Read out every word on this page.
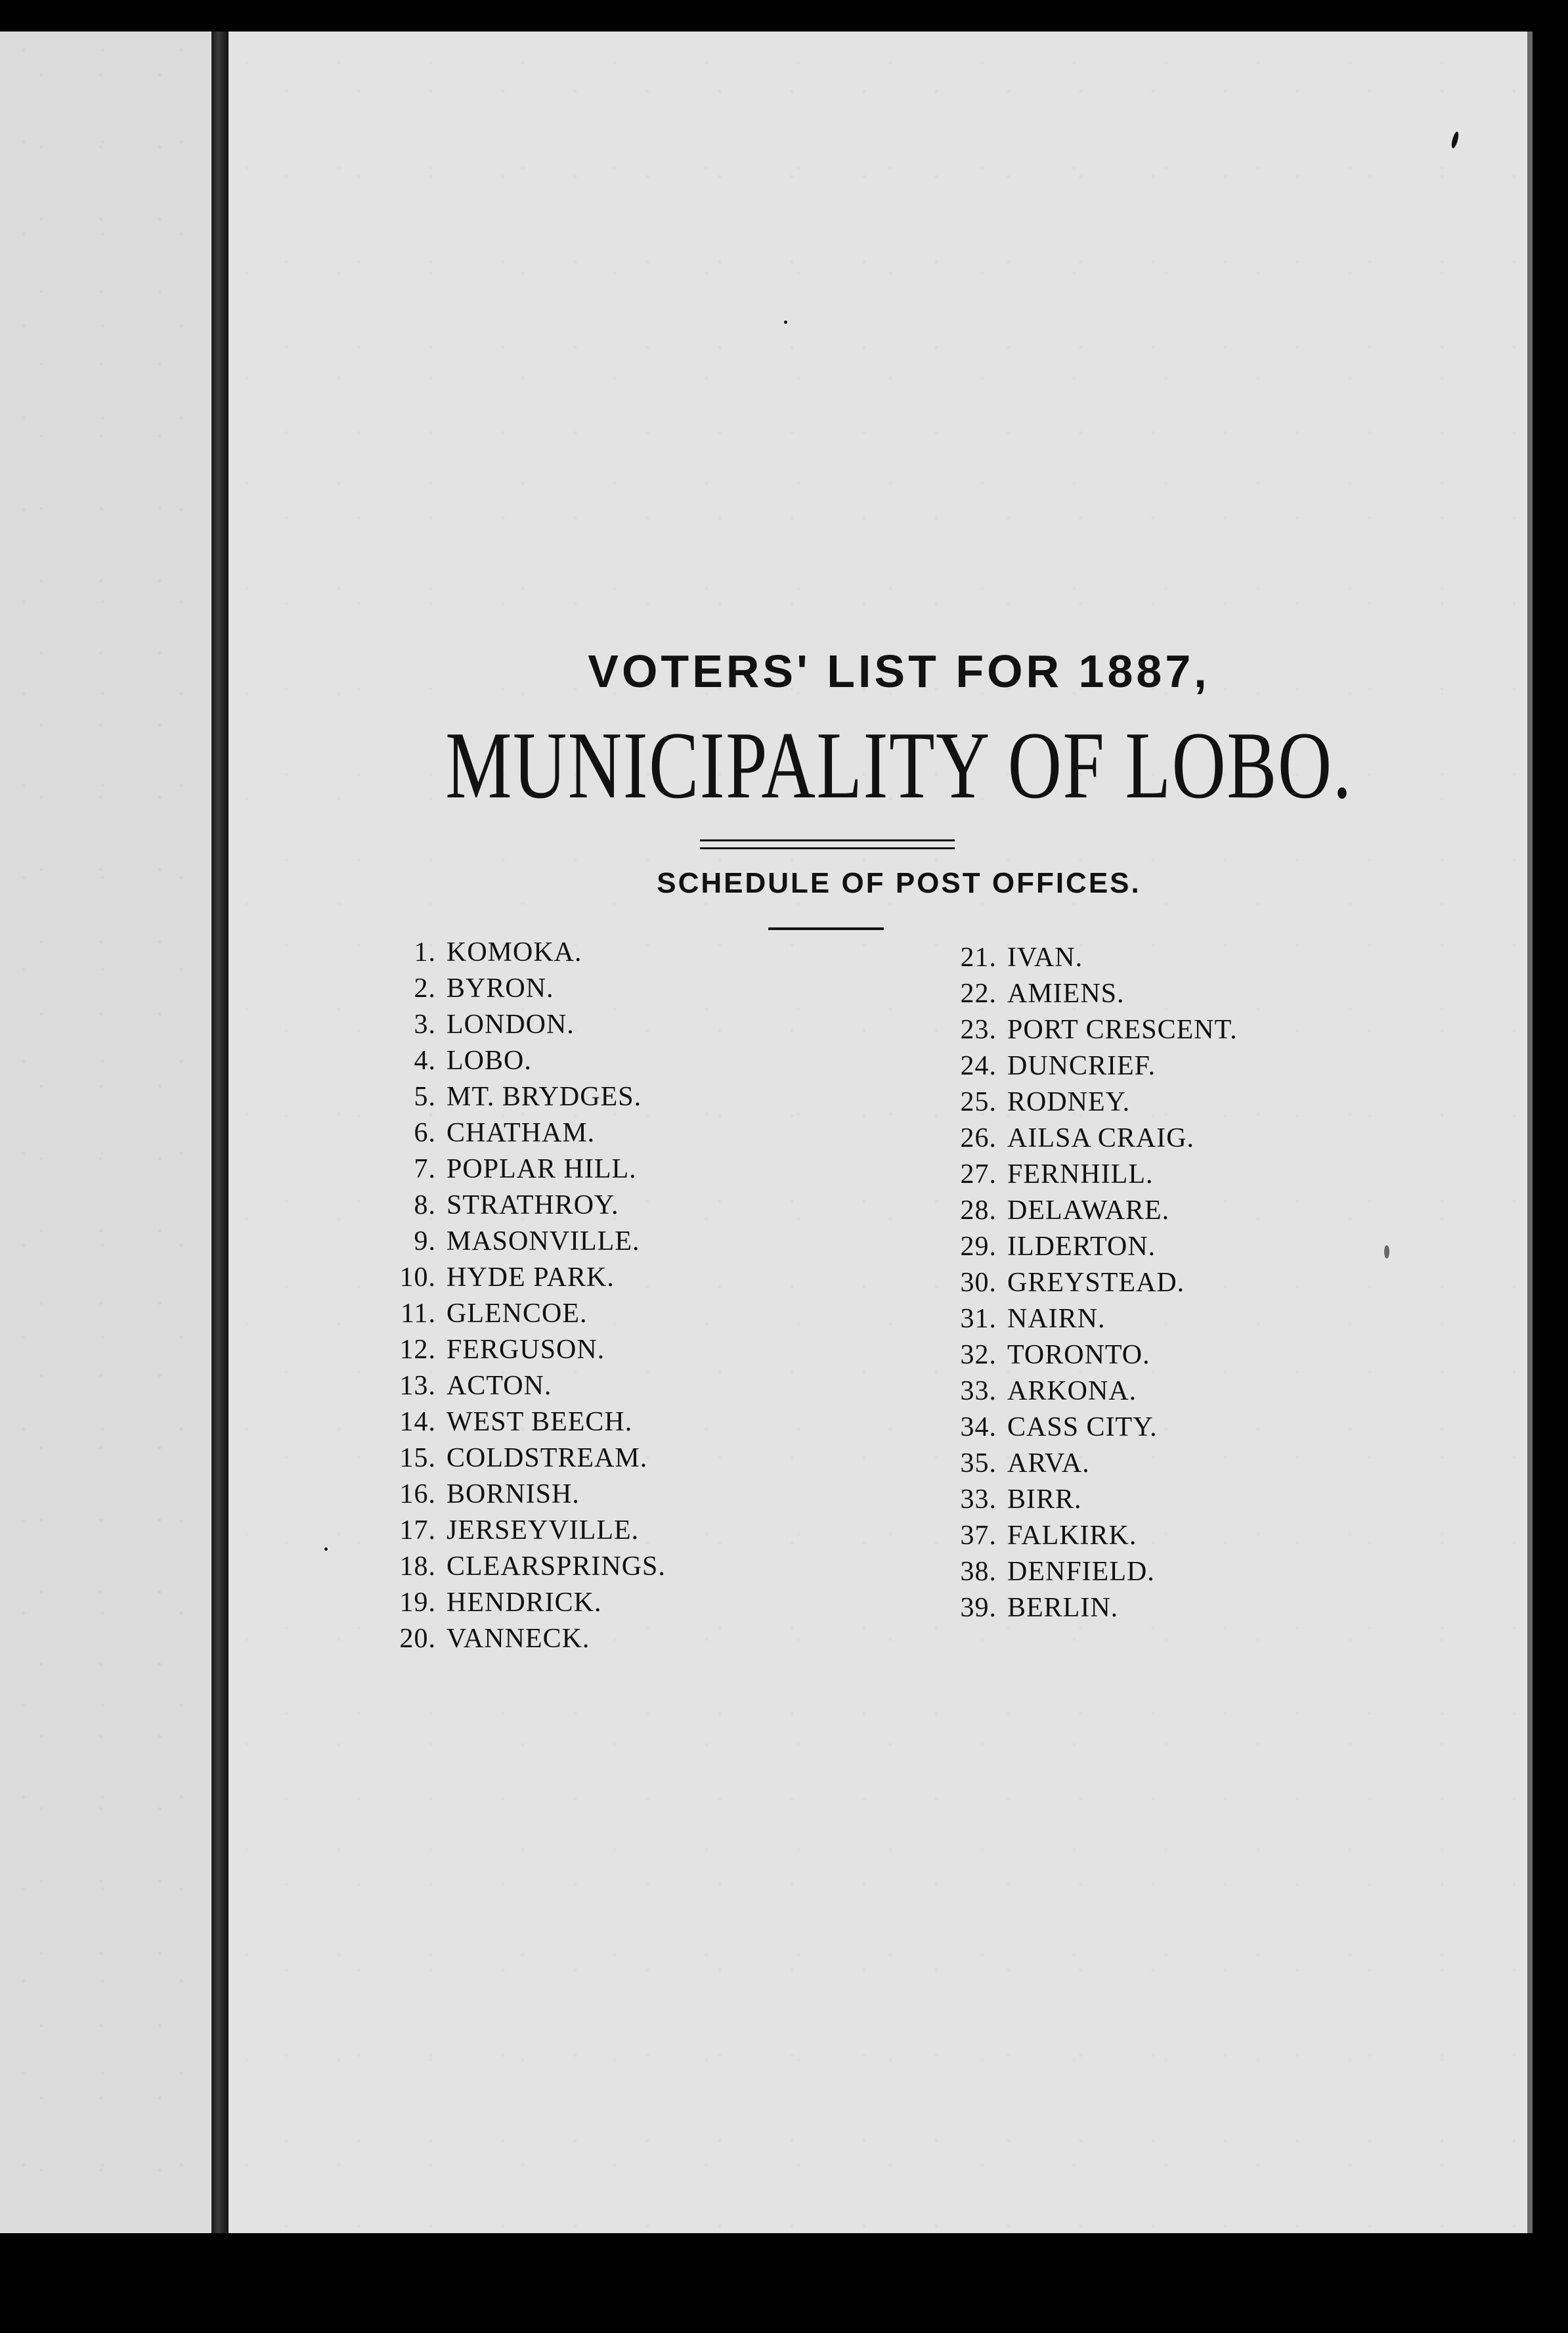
VOTERS' LIST FOR 1887,
MUNICIPALITY OF LOBO.
SCHEDULE OF POST OFFICES.
1. KOMOKA.
2. BYRON.
3. LONDON.
4. LOBO.
5. MT. BRYDGES.
6. CHATHAM.
7. POPLAR HILL.
8. STRATHROY.
9. MASONVILLE.
10. HYDE PARK.
11. GLENCOE.
12. FERGUSON.
13. ACTON.
14. WEST BEECH.
15. COLDSTREAM.
16. BORNISH.
17. JERSEYVILLE.
18. CLEARSPRINGS.
19. HENDRICK.
20. VANNECK.
21. IVAN.
22. AMIENS.
23. PORT CRESCENT.
24. DUNCRIEF.
25. RODNEY.
26. AILSA CRAIG.
27. FERNHILL.
28. DELAWARE.
29. ILDERTON.
30. GREYSTEAD.
31. NAIRN.
32. TORONTO.
33. ARKONA.
34. CASS CITY.
35. ARVA.
33. BIRR.
37. FALKIRK.
38. DENFIELD.
39. BERLIN.
